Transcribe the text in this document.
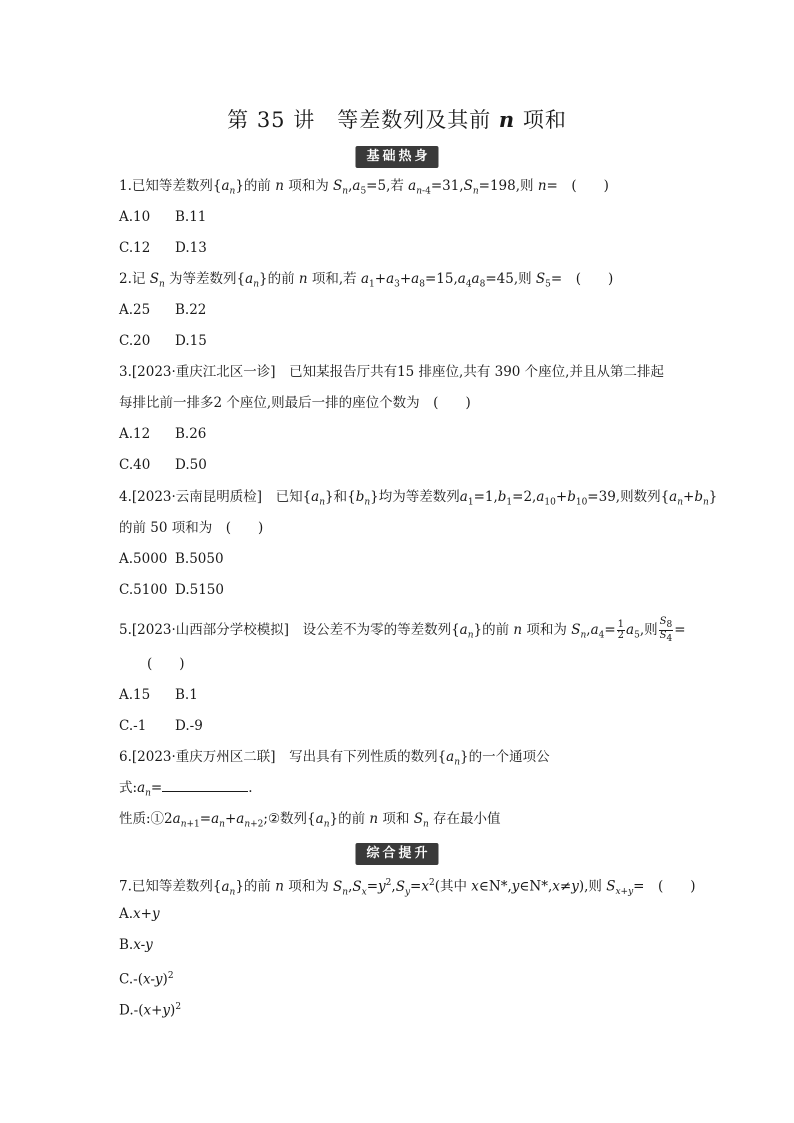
第 35 讲　等差数列及其前 n 项和
基础热身
1.已知等差数列$\{a_n\}$的前 n 项和为 $S_n,a_5=5$,若 $a_{n-4}=31,S_n=198$,则 n=　(　　)
A.10 B.11
C.12 D.13
2.记 $S_n$ 为等差数列$\{a_n\}$的前 n 项和,若 $a_1+a_3+a_8=15,a_4a_8=45$,则 $S_5=$　(　　)
A.25 B.22
C.20 D.15
3.[2023·重庆江北区一诊]　已知某报告厅共有15 排座位,共有 390 个座位,并且从第二排起
每排比前一排多2 个座位,则最后一排的座位个数为　(　　)
A.12 B.26
C.40 D.50
4.[2023·云南昆明质检]　已知$\{a_n\}$和$\{b_n\}$均为等差数列$a_1=1,b_1=2,a_{10}+b_{10}=39$,则数列$\{a_n+b_n\}$
的前 50 项和为　(　　)
A.5000 B.5050
C.5100 D.5150
5.[2023·山西部分学校模拟]　设公差不为零的等差数列$\{a_n\}$的前 n 项和为 $S_n,a_4= \frac{1}{2} a_5$,则 $\frac{S_8}{S_4}$ =
(　　)
A.15 B.1
C.-1 D.-9
6.[2023·重庆万州区二联]　写出具有下列性质的数列$\{a_n\}$的一个通项公
式$:a_n=$	.
性质$:①2a_{n+1}=a_n+a_{n+2};②$数列$\{a_n\}$的前 n 项和 $S_n$ 存在最小值
综合提升
7.已知等差数列$\{a_n\}$的前 n 项和为 $S_n,S_x=y^2,S_y=x^2$(其中 x∈N*,y∈N*,x≠y),则 $S_{x+y}=$　(　　)
A.x+y
B.x-y
$C.-(x-y)^2$
$D.-(x+y)^2$
